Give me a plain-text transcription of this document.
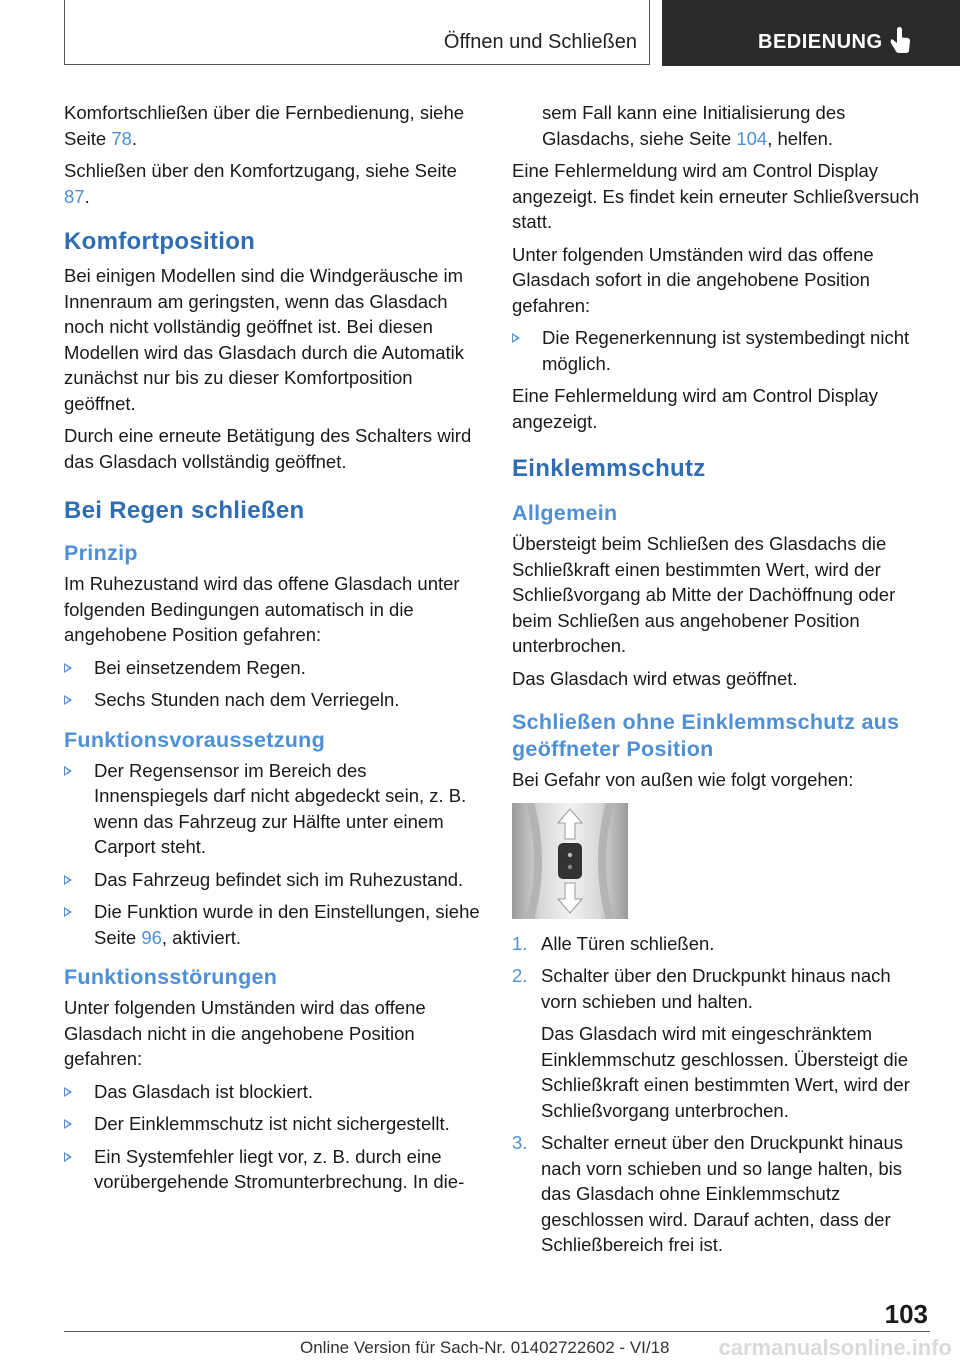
Öffnen und Schließen	BEDIENUNG

Komfortschließen über die Fernbedienung, siehe Seite 78.

Schließen über den Komfortzugang, siehe Seite 87.

Komfortposition

Bei einigen Modellen sind die Windgeräusche im Innenraum am geringsten, wenn das Glasdach noch nicht vollständig geöffnet ist. Bei diesen Modellen wird das Glasdach durch die Automatik zunächst nur bis zu dieser Komfortposition geöffnet.

Durch eine erneute Betätigung des Schalters wird das Glasdach vollständig geöffnet.

Bei Regen schließen
Prinzip

Im Ruhezustand wird das offene Glasdach unter folgenden Bedingungen automatisch in die angehobene Position gefahren:

Bei einsetzendem Regen.
Sechs Stunden nach dem Verriegeln.
Funktionsvoraussetzung
Der Regensensor im Bereich des Innenspiegels darf nicht abgedeckt sein, z. B. wenn das Fahrzeug zur Hälfte unter einem Carport steht.
Das Fahrzeug befindet sich im Ruhezustand.
Die Funktion wurde in den Einstellungen, siehe Seite 96, aktiviert.
Funktionsstörungen

Unter folgenden Umständen wird das offene Glasdach nicht in die angehobene Position gefahren:

Das Glasdach ist blockiert.
Der Einklemmschutz ist nicht sichergestellt.
Ein Systemfehler liegt vor, z. B. durch eine vorübergehende Stromunterbrechung. In die-

sem Fall kann eine Initialisierung des Glasdachs, siehe Seite 104, helfen.

Eine Fehlermeldung wird am Control Display angezeigt. Es findet kein erneuter Schließversuch statt.

Unter folgenden Umständen wird das offene Glasdach sofort in die angehobene Position gefahren:

Die Regenerkennung ist systembedingt nicht möglich.

Eine Fehlermeldung wird am Control Display angezeigt.

Einklemmschutz
Allgemein

Übersteigt beim Schließen des Glasdachs die Schließkraft einen bestimmten Wert, wird der Schließvorgang ab Mitte der Dachöffnung oder beim Schließen aus angehobener Position unterbrochen.

Das Glasdach wird etwas geöffnet.

Schließen ohne Einklemmschutz aus geöffneter Position

Bei Gefahr von außen wie folgt vorgehen:

1. Alle Türen schließen.
2. Schalter über den Druckpunkt hinaus nach vorn schieben und halten.
Das Glasdach wird mit eingeschränktem Einklemmschutz geschlossen. Übersteigt die Schließkraft einen bestimmten Wert, wird der Schließvorgang unterbrochen.
3. Schalter erneut über den Druckpunkt hinaus nach vorn schieben und so lange halten, bis das Glasdach ohne Einklemmschutz geschlossen wird. Darauf achten, dass der Schließbereich frei ist.
103
Online Version für Sach-Nr. 01402722602 - VI/18 carmanualsonline.info
